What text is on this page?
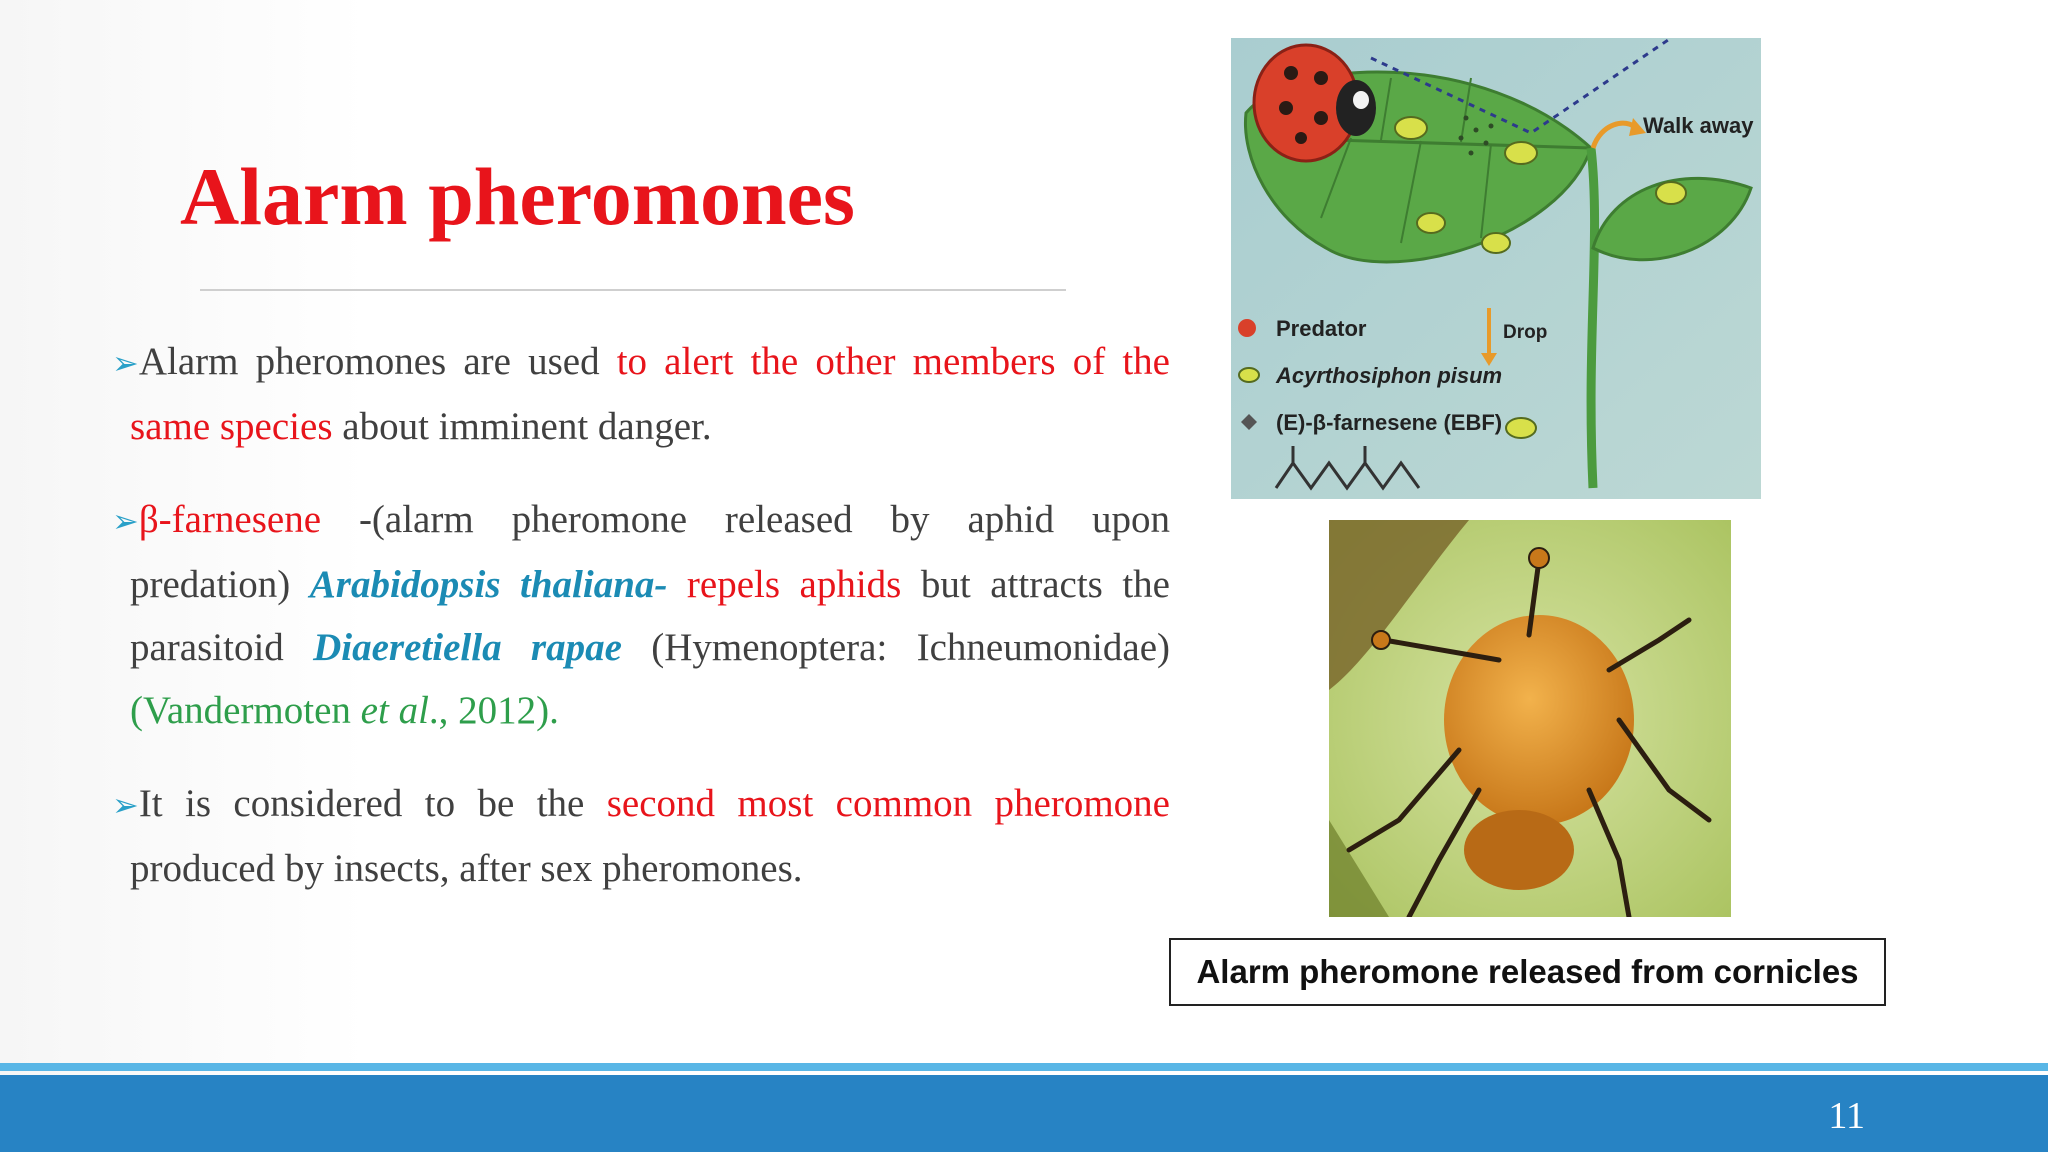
Alarm pheromones

➢Alarm pheromones are used to alert the other members of the same species about imminent danger.

➢β-farnesene -(alarm pheromone released by aphid upon predation) Arabidopsis thaliana- repels aphids but attracts the parasitoid Diaeretiella rapae (Hymenoptera: Ichneumonidae) (Vandermoten et al., 2012).

➢It is considered to be the second most common pheromone produced by insects, after sex pheromones.

Walk away
Drop
Predator
Acyrthosiphon pisum
(E)-β-farnesene (EBF)
Alarm pheromone released from cornicles
11
